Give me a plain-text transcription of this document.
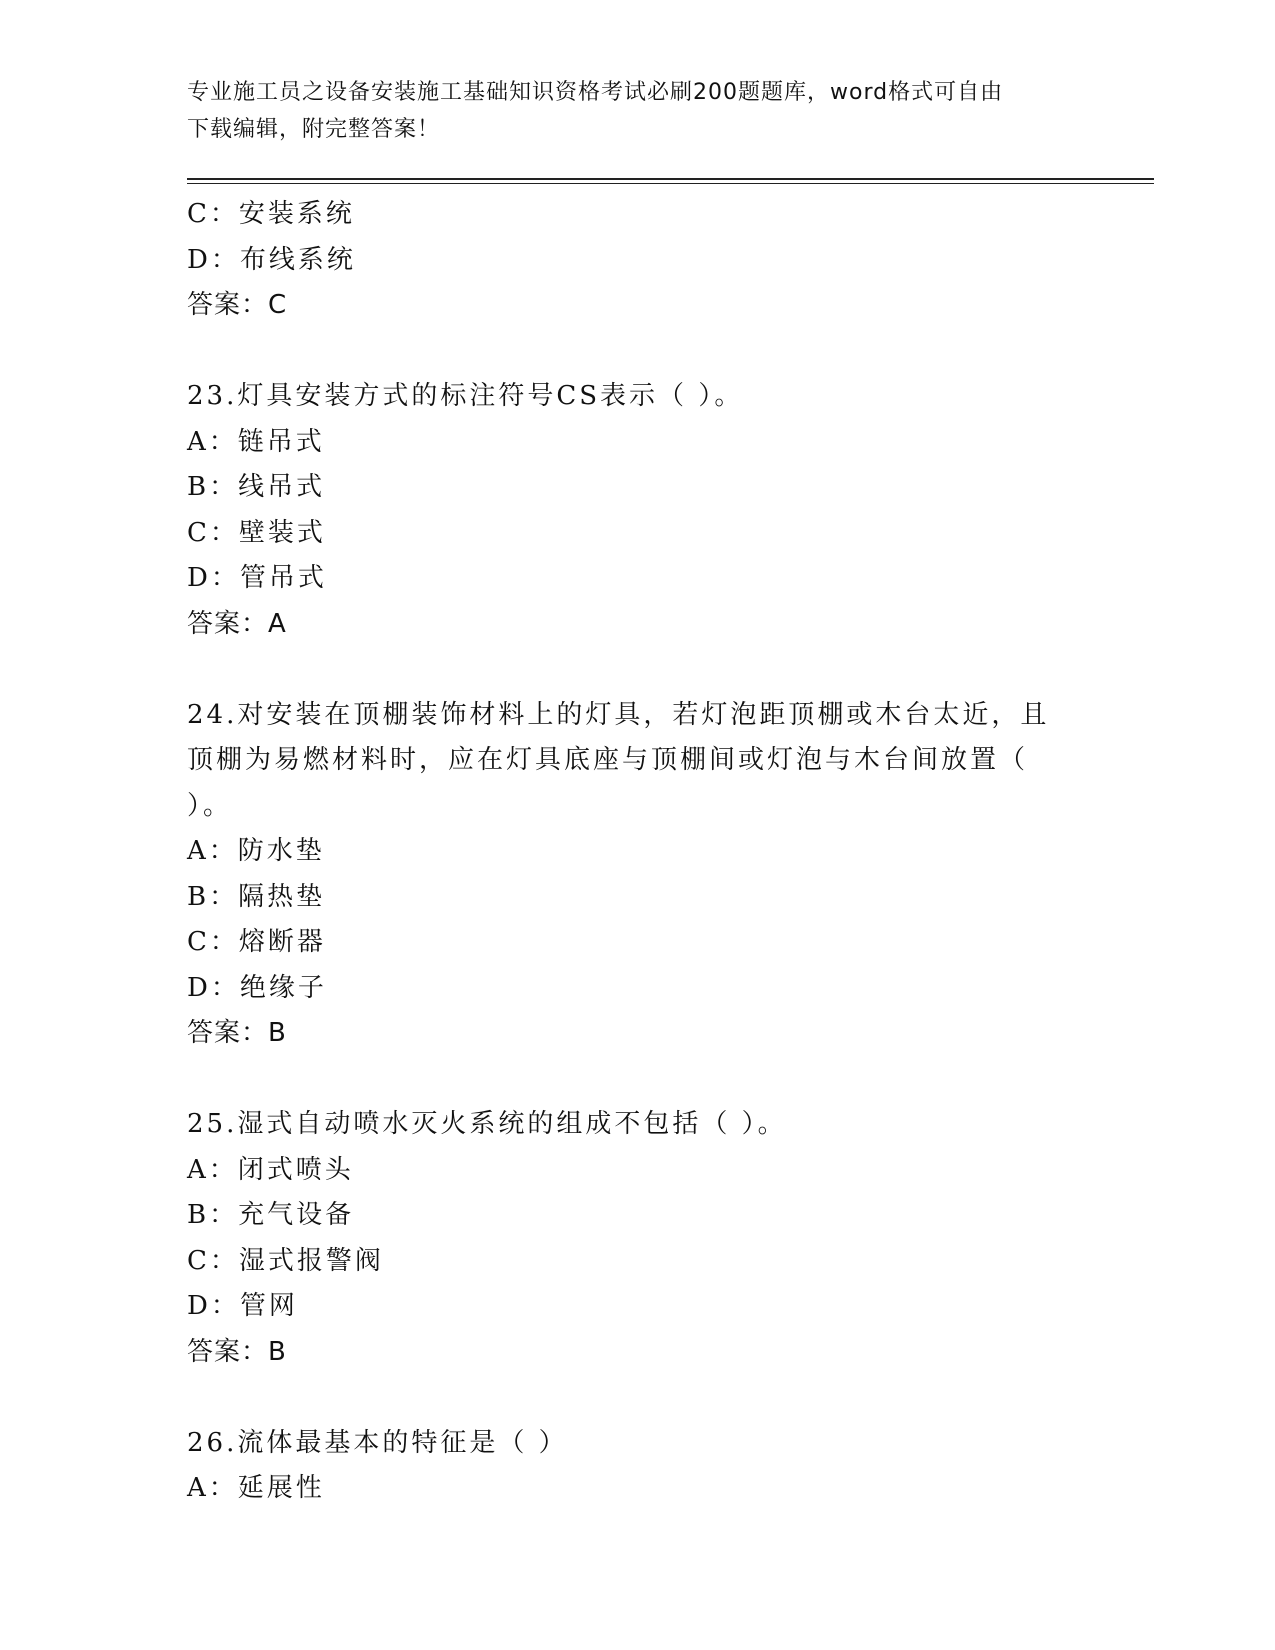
专业施工员之设备安装施工基础知识资格考试必刷200题题库，word格式可自由
下载编辑，附完整答案！
C：安装系统
D：布线系统
答案：C
23.灯具安装方式的标注符号CS表示（ ）。
A：链吊式
B：线吊式
C：壁装式
D：管吊式
答案：A
24.对安装在顶棚装饰材料上的灯具，若灯泡距顶棚或木台太近，且顶棚为易燃材料时，应在灯具底座与顶棚间或灯泡与木台间放置（ ）。
A：防水垫
B：隔热垫
C：熔断器
D：绝缘子
答案：B
25.湿式自动喷水灭火系统的组成不包括（ ）。
A：闭式喷头
B：充气设备
C：湿式报警阀
D：管网
答案：B
26.流体最基本的特征是（ ）
A：延展性
